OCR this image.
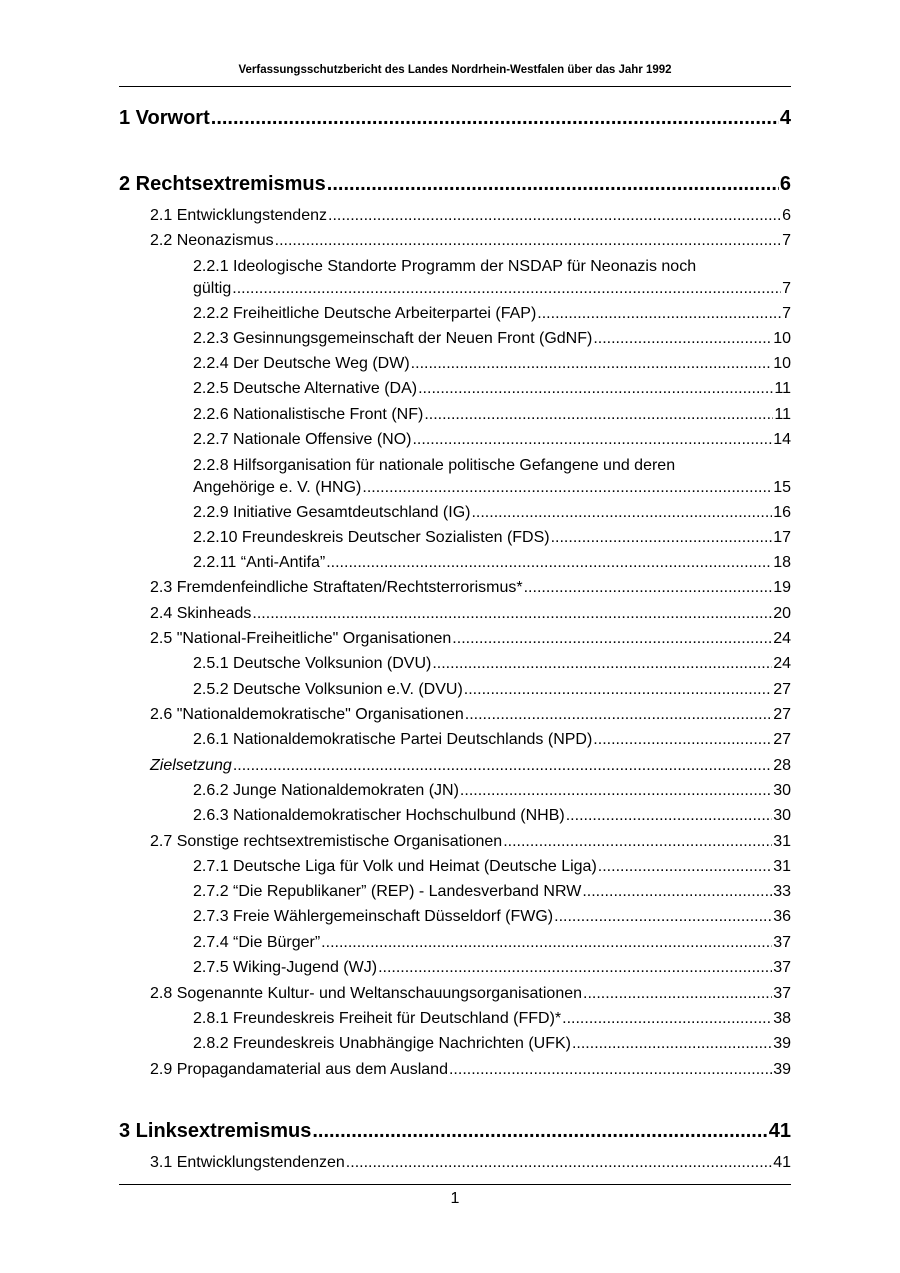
Verfassungsschutzbericht des Landes Nordrhein-Westfalen über das Jahr 1992
1 Vorwort .....	4
2 Rechtsextremismus .....	6
2.1 Entwicklungstendenz .....	6
2.2 Neonazismus .....	7
2.2.1 Ideologische Standorte Programm der NSDAP für Neonazis noch
gültig .....	7
2.2.2 Freiheitliche Deutsche Arbeiterpartei (FAP) .....	7
2.2.3 Gesinnungsgemeinschaft der Neuen Front (GdNF) .....	10
2.2.4 Der Deutsche Weg (DW) .....	10
2.2.5 Deutsche Alternative (DA) .....	11
2.2.6 Nationalistische Front (NF) .....	11
2.2.7 Nationale Offensive (NO) .....	14
2.2.8 Hilfsorganisation für nationale politische Gefangene und deren
Angehörige e. V. (HNG) .....	15
2.2.9 Initiative Gesamtdeutschland (IG) .....	16
2.2.10 Freundeskreis Deutscher Sozialisten (FDS) .....	17
2.2.11 “Anti-Antifa” .....	18
2.3 Fremdenfeindliche Straftaten/Rechtsterrorismus* .....	19
2.4 Skinheads .....	20
2.5 "National-Freiheitliche" Organisationen .....	24
2.5.1 Deutsche Volksunion (DVU) .....	24
2.5.2 Deutsche Volksunion e.V. (DVU) .....	27
2.6 "Nationaldemokratische" Organisationen .....	27
2.6.1 Nationaldemokratische Partei Deutschlands (NPD) .....	27
Zielsetzung .....	28
2.6.2 Junge Nationaldemokraten (JN) .....	30
2.6.3 Nationaldemokratischer Hochschulbund (NHB) .....	30
2.7 Sonstige rechtsextremistische Organisationen .....	31
2.7.1 Deutsche Liga für Volk und Heimat (Deutsche Liga) .....	31
2.7.2 “Die Republikaner” (REP) - Landesverband NRW .....	33
2.7.3 Freie Wählergemeinschaft Düsseldorf (FWG) .....	36
2.7.4 “Die Bürger” .....	37
2.7.5 Wiking-Jugend (WJ) .....	37
2.8 Sogenannte Kultur- und Weltanschauungsorganisationen .....	37
2.8.1 Freundeskreis Freiheit für Deutschland (FFD)* .....	38
2.8.2 Freundeskreis Unabhängige Nachrichten (UFK) .....	39
2.9 Propagandamaterial aus dem Ausland .....	39
3 Linksextremismus .....	41
3.1 Entwicklungstendenzen .....	41
1
